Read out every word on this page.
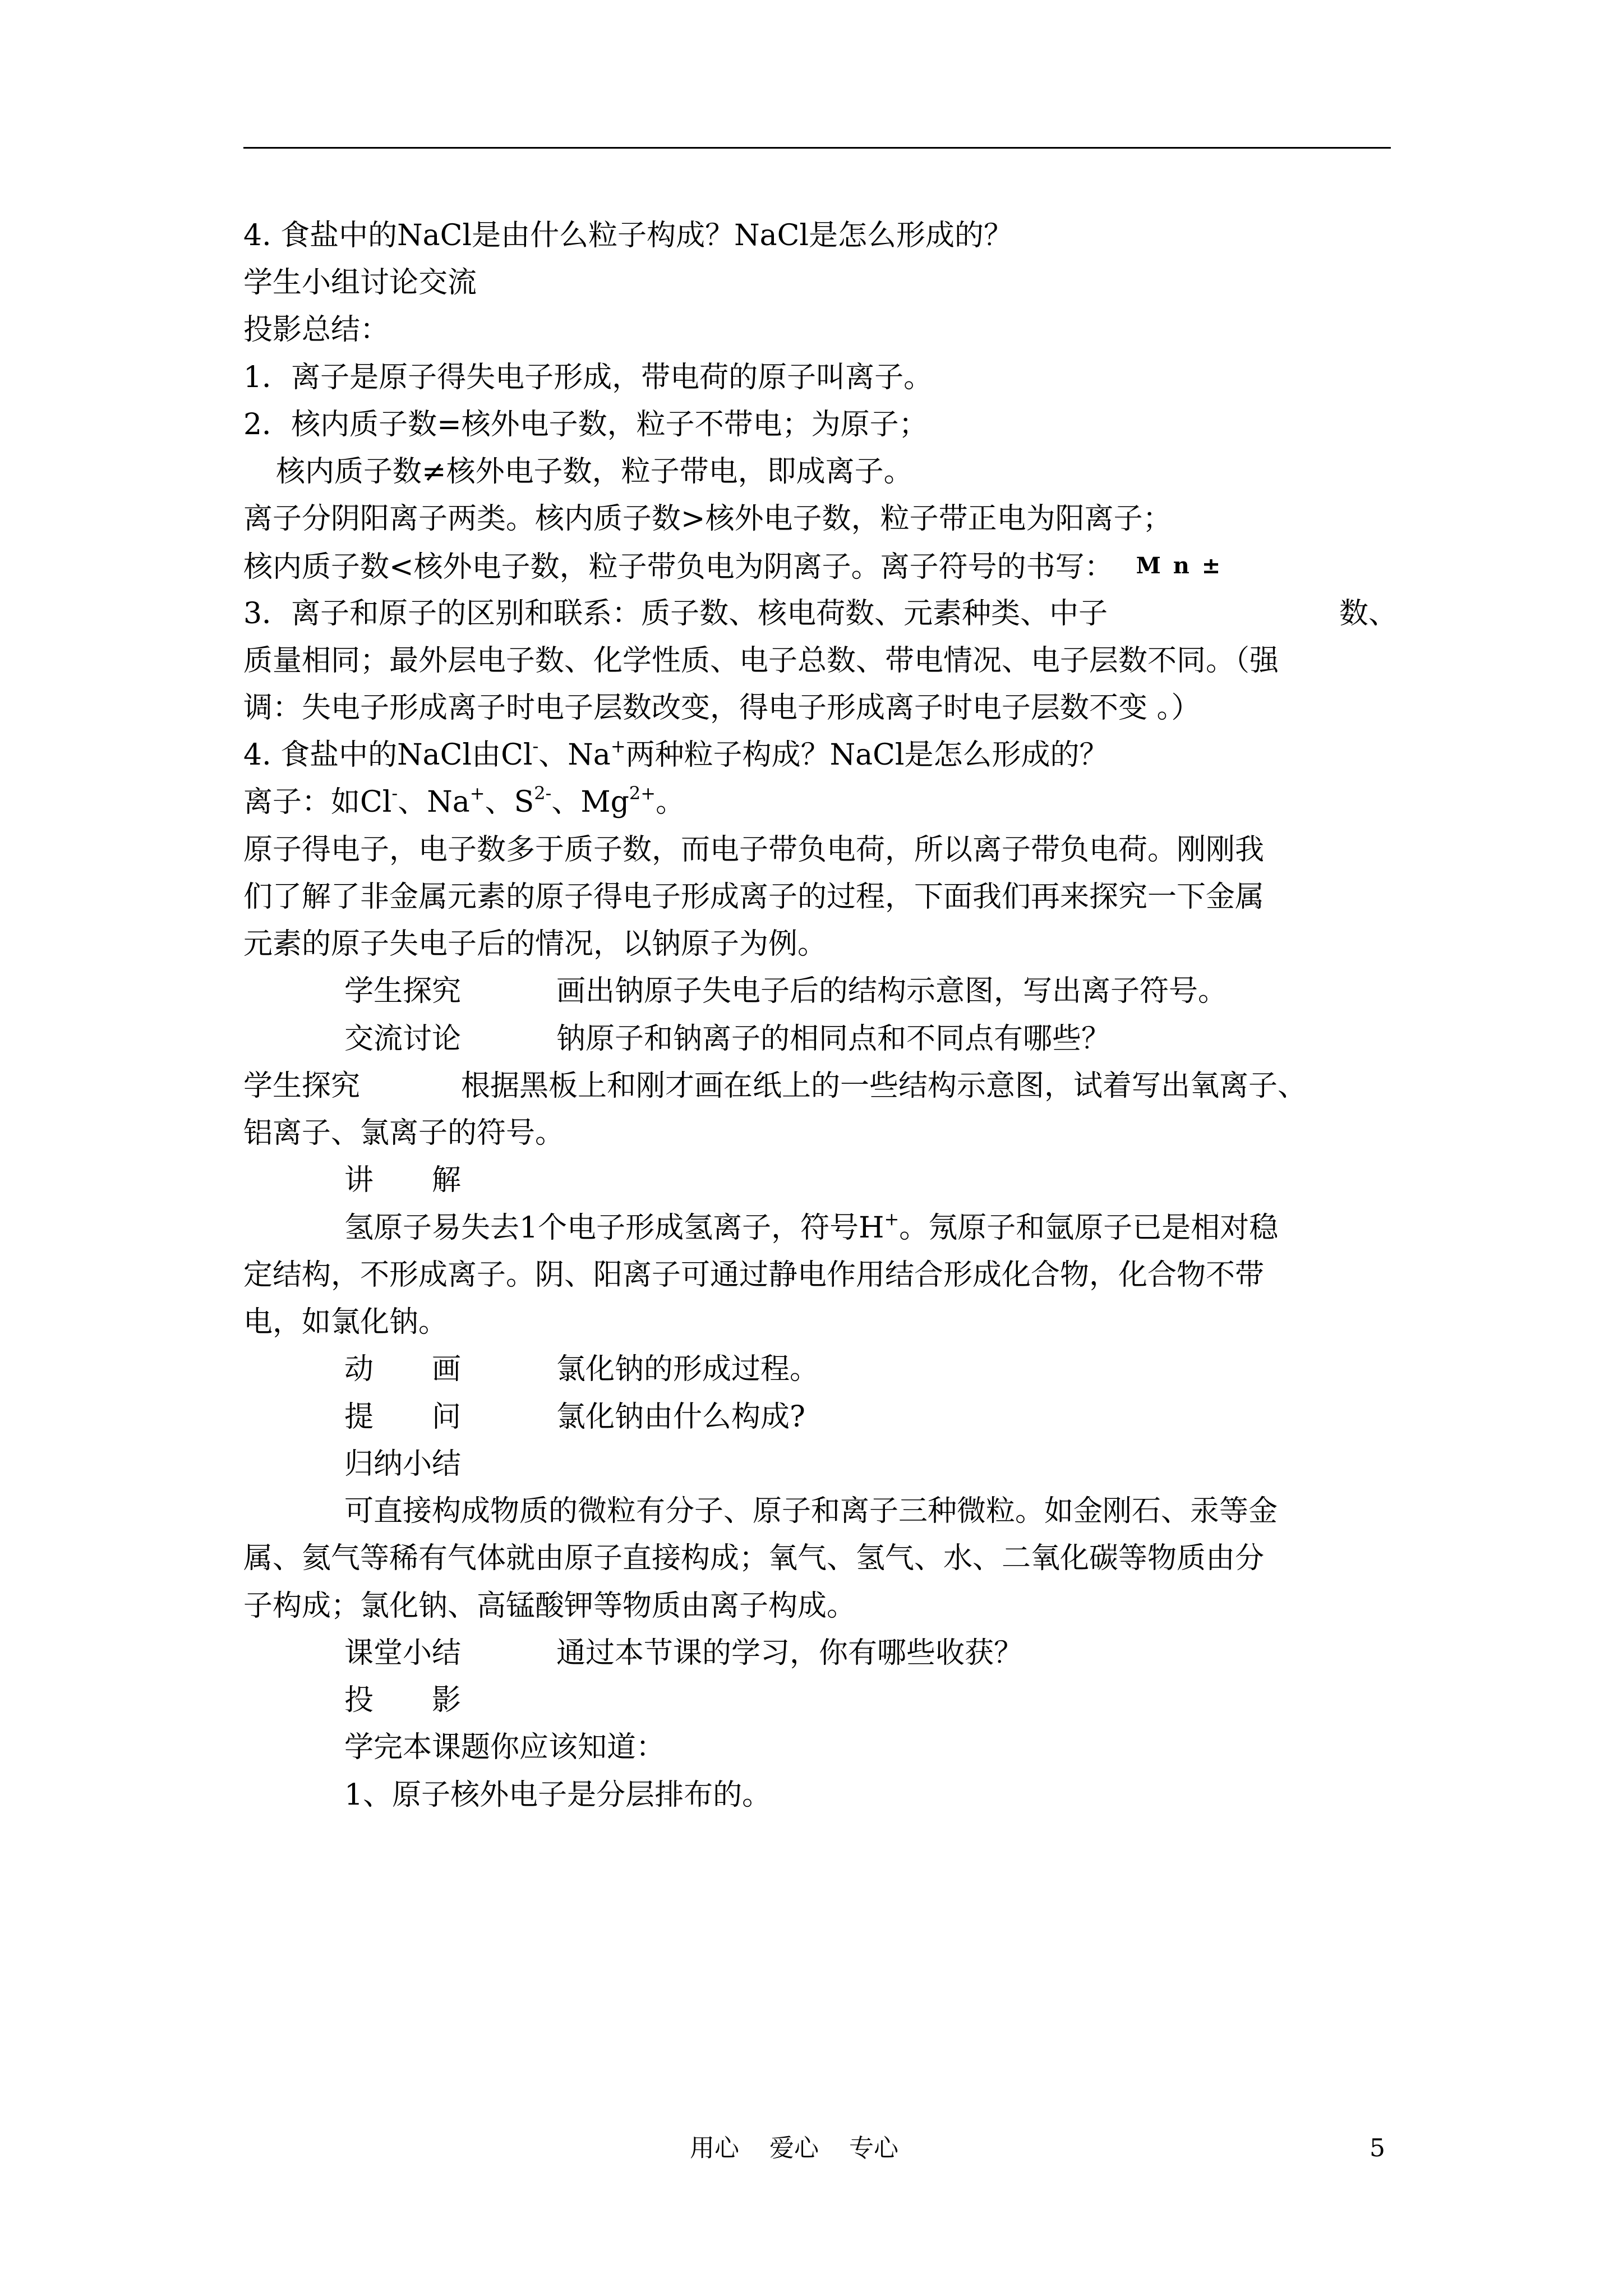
4. 食盐中的NaCl是由什么粒子构成？NaCl是怎么形成的？
学生小组讨论交流
投影总结：
1．离子是原子得失电子形成，带电荷的原子叫离子。
2．核内质子数=核外电子数，粒子不带电；为原子；
核内质子数≠核外电子数，粒子带电，即成离子。
离子分阴阳离子两类。核内质子数>核外电子数，粒子带正电为阳离子；
核内质子数<核外电子数，粒子带负电为阴离子。离子符号的书写： M n ±
3．离子和原子的区别和联系：质子数、核电荷数、元素种类、中子	数、
质量相同；最外层电子数、化学性质、电子总数、带电情况、电子层数不同。（强
调：失电子形成离子时电子层数改变，得电子形成离子时电子层数不变 。）
4. 食盐中的NaCl由Cl-、Na+两种粒子构成？NaCl是怎么形成的？
离子：如Cl-、Na+、$S^{2-}$、$Mg^{2+}$。
原子得电子，电子数多于质子数，而电子带负电荷，所以离子带负电荷。刚刚我
们了解了非金属元素的原子得电子形成离子的过程，下面我们再来探究一下金属
元素的原子失电子后的情况，以钠原子为例。
学生探究	画出钠原子失电子后的结构示意图，写出离子符号。
交流讨论	钠原子和钠离子的相同点和不同点有哪些？
学生探究	根据黑板上和刚才画在纸上的一些结构示意图，试着写出氧离子、
铝离子、氯离子的符号。
讲　　解
氢原子易失去1个电子形成氢离子，符号H+。氖原子和氩原子已是相对稳
定结构，不形成离子。阴、阳离子可通过静电作用结合形成化合物，化合物不带
电，如氯化钠。
动　　画	氯化钠的形成过程。
提　　问	氯化钠由什么构成?
归纳小结
可直接构成物质的微粒有分子、原子和离子三种微粒。如金刚石、汞等金
属、氦气等稀有气体就由原子直接构成；氧气、氢气、水、二氧化碳等物质由分
子构成；氯化钠、高锰酸钾等物质由离子构成。
课堂小结	通过本节课的学习，你有哪些收获？
投　　影
学完本课题你应该知道：
1、原子核外电子是分层排布的。
用心 爱心 专心	5
